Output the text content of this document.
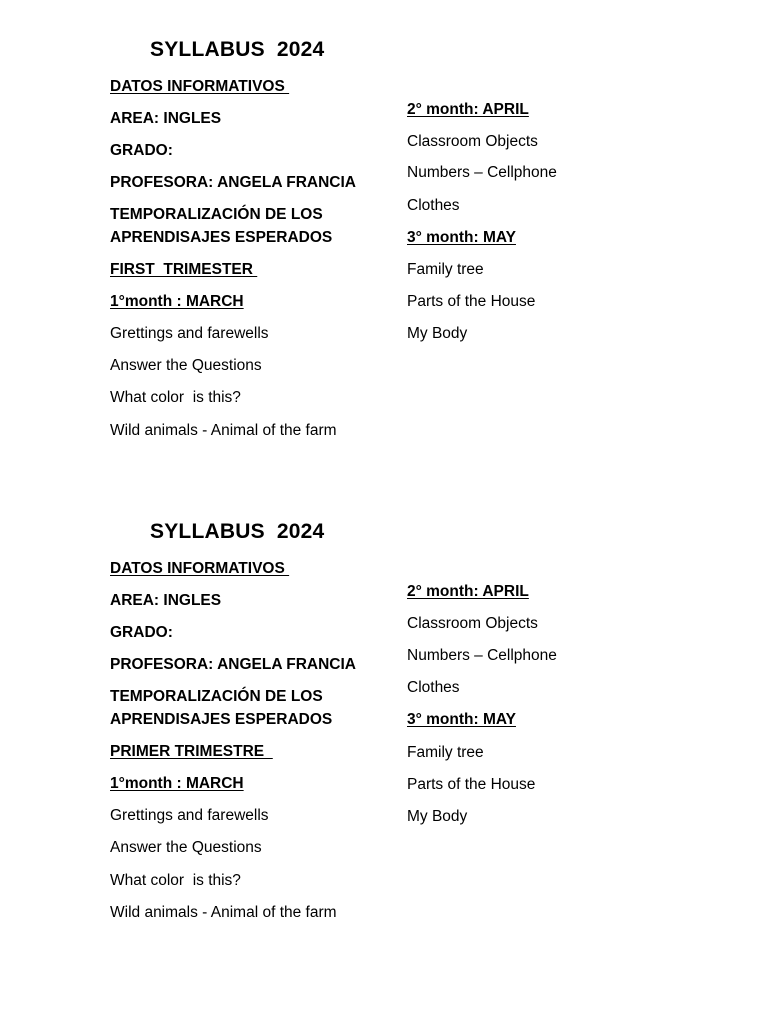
SYLLABUS  2024
DATOS INFORMATIVOS
AREA: INGLES
GRADO:
PROFESORA: ANGELA FRANCIA
TEMPORALIZACIÓN DE LOS
APRENDISAJES ESPERADOS
FIRST  TRIMESTER
1°month : MARCH
Grettings and farewells
Answer the Questions
What color  is this?
Wild animals - Animal of the farm
2° month: APRIL
Classroom Objects
Numbers – Cellphone
Clothes
3° month: MAY
Family tree
Parts of the House
My Body
SYLLABUS  2024
DATOS INFORMATIVOS
AREA: INGLES
GRADO:
PROFESORA: ANGELA FRANCIA
TEMPORALIZACIÓN DE LOS
APRENDISAJES ESPERADOS
PRIMER TRIMESTRE
1°month : MARCH
Grettings and farewells
Answer the Questions
What color  is this?
Wild animals - Animal of the farm
2° month: APRIL
Classroom Objects
Numbers – Cellphone
Clothes
3° month: MAY
Family tree
Parts of the House
My Body
